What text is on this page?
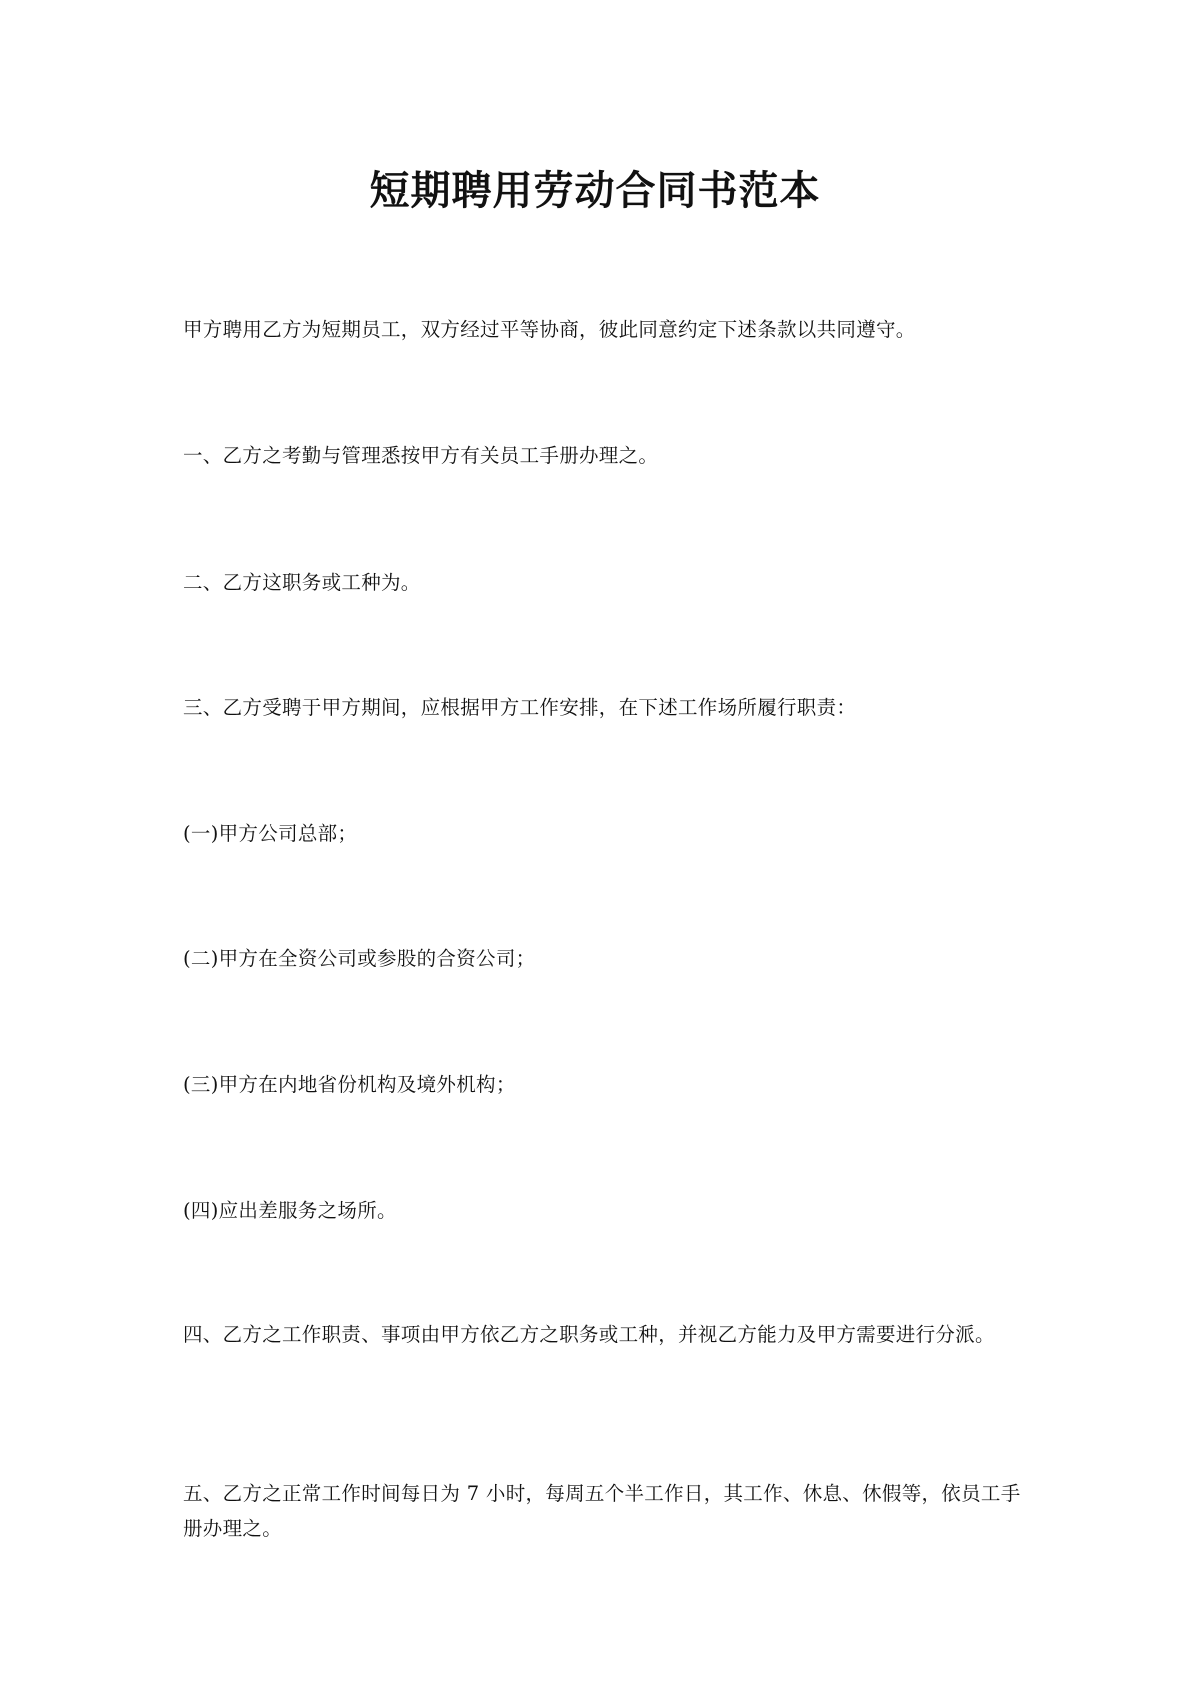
短期聘用劳动合同书范本

甲方聘用乙方为短期员工，双方经过平等协商，彼此同意约定下述条款以共同遵守。

一、乙方之考勤与管理悉按甲方有关员工手册办理之。

二、乙方这职务或工种为。

三、乙方受聘于甲方期间，应根据甲方工作安排，在下述工作场所履行职责：

(一)甲方公司总部；

(二)甲方在全资公司或参股的合资公司；

(三)甲方在内地省份机构及境外机构；

(四)应出差服务之场所。

四、乙方之工作职责、事项由甲方依乙方之职务或工种，并视乙方能力及甲方需要进行分派。

五、乙方之正常工作时间每日为 7 小时，每周五个半工作日，其工作、休息、休假等，依员工手册办理之。
